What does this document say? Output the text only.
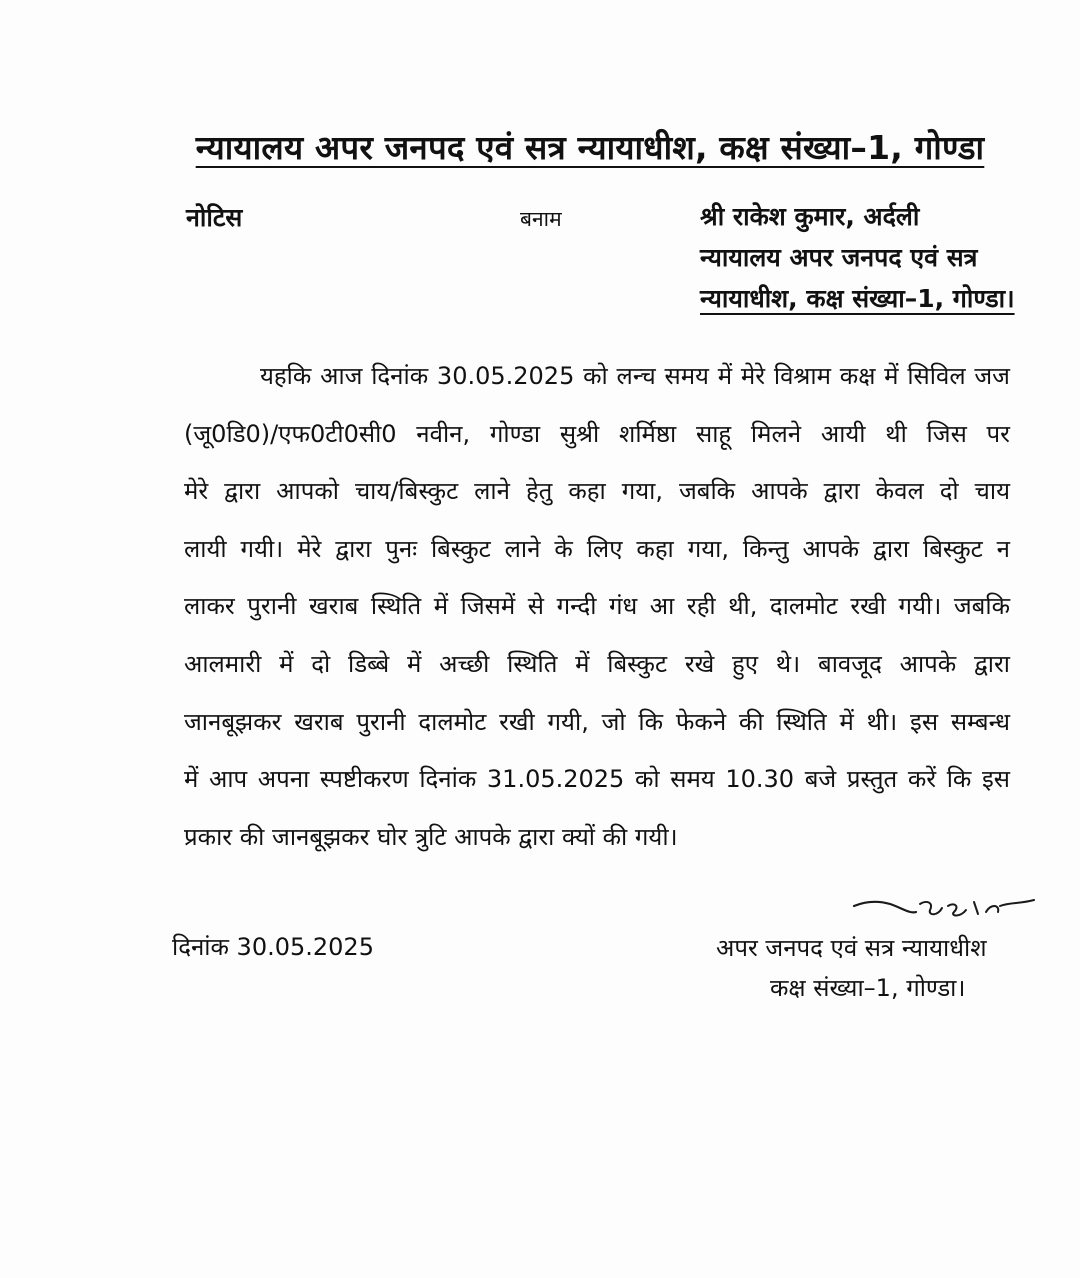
न्यायालय अपर जनपद एवं सत्र न्यायाधीश, कक्ष संख्या–1, गोण्डा
नोटिस	बनाम	श्री राकेश कुमार, अर्दली
न्यायालय अपर जनपद एवं सत्र
न्यायाधीश, कक्ष संख्या–1, गोण्डा।
यहकि आज दिनांक 30.05.2025 को लन्च समय में मेरे विश्राम कक्ष में सिविल जज
(जू0डि0)/एफ0टी0सी0 नवीन, गोण्डा सुश्री शर्मिष्ठा साहू मिलने आयी थी जिस पर
मेरे द्वारा आपको चाय/बिस्कुट लाने हेतु कहा गया, जबकि आपके द्वारा केवल दो चाय
लायी गयी। मेरे द्वारा पुनः बिस्कुट लाने के लिए कहा गया, किन्तु आपके द्वारा बिस्कुट न
लाकर पुरानी खराब स्थिति में जिसमें से गन्दी गंध आ रही थी, दालमोट रखी गयी। जबकि
आलमारी में दो डिब्बे में अच्छी स्थिति में बिस्कुट रखे हुए थे। बावजूद आपके द्वारा
जानबूझकर खराब पुरानी दालमोट रखी गयी, जो कि फेकने की स्थिति में थी। इस सम्बन्ध
में आप अपना स्पष्टीकरण दिनांक 31.05.2025 को समय 10.30 बजे प्रस्तुत करें कि इस
प्रकार की जानबूझकर घोर त्रुटि आपके द्वारा क्यों की गयी।
दिनांक 30.05.2025	अपर जनपद एवं सत्र न्यायाधीश
कक्ष संख्या–1, गोण्डा।
